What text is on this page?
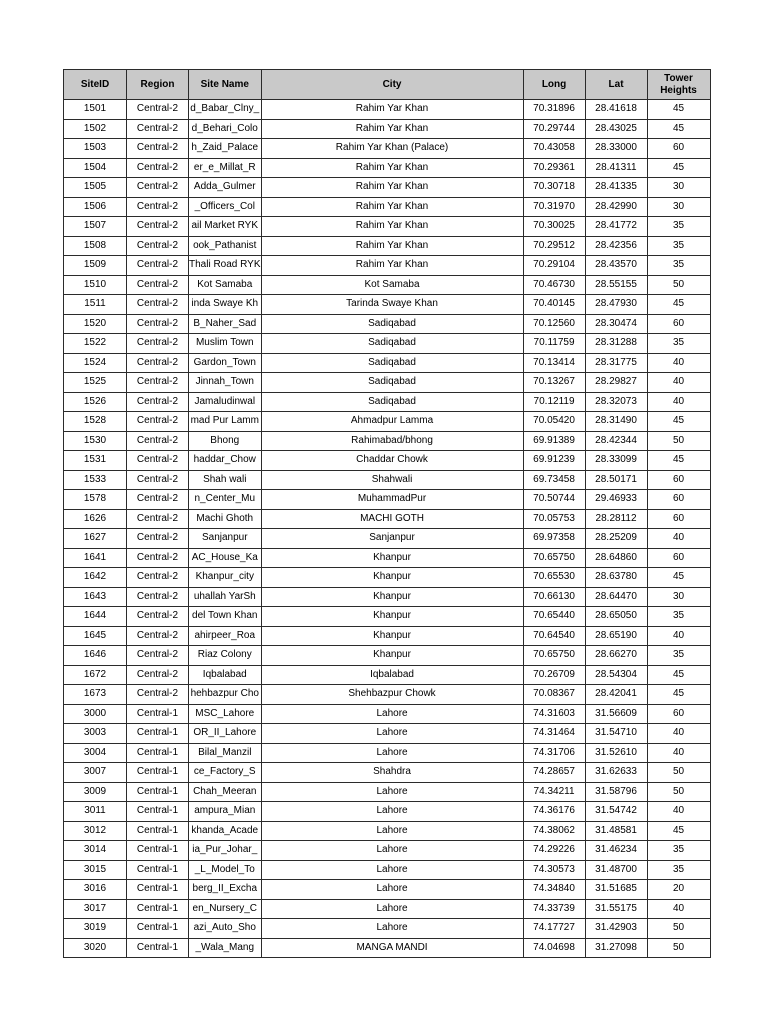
SiteID	Region	Site Name	City	Long	Lat	Tower Heights
1501	Central-2	d_Babar_Clny_	Rahim Yar Khan	70.31896	28.41618	45
1502	Central-2	d_Behari_Colo	Rahim Yar Khan	70.29744	28.43025	45
1503	Central-2	h_Zaid_Palace	Rahim Yar Khan (Palace)	70.43058	28.33000	60
1504	Central-2	er_e_Millat_R	Rahim Yar Khan	70.29361	28.41311	45
1505	Central-2	Adda_Gulmer	Rahim Yar Khan	70.30718	28.41335	30
1506	Central-2	_Officers_Col	Rahim Yar Khan	70.31970	28.42990	30
1507	Central-2	ail Market RYK	Rahim Yar Khan	70.30025	28.41772	35
1508	Central-2	ook_Pathanist	Rahim Yar Khan	70.29512	28.42356	35
1509	Central-2	Thali Road RYK	Rahim Yar Khan	70.29104	28.43570	35
1510	Central-2	Kot Samaba	Kot Samaba	70.46730	28.55155	50
1511	Central-2	inda Swaye Kh	Tarinda Swaye Khan	70.40145	28.47930	45
1520	Central-2	B_Naher_Sad	Sadiqabad	70.12560	28.30474	60
1522	Central-2	Muslim Town	Sadiqabad	70.11759	28.31288	35
1524	Central-2	Gardon_Town	Sadiqabad	70.13414	28.31775	40
1525	Central-2	Jinnah_Town	Sadiqabad	70.13267	28.29827	40
1526	Central-2	Jamaludinwal	Sadiqabad	70.12119	28.32073	40
1528	Central-2	mad Pur Lamm	Ahmadpur Lamma	70.05420	28.31490	45
1530	Central-2	Bhong	Rahimabad/bhong	69.91389	28.42344	50
1531	Central-2	haddar_Chow	Chaddar Chowk	69.91239	28.33099	45
1533	Central-2	Shah wali	Shahwali	69.73458	28.50171	60
1578	Central-2	n_Center_Mu	MuhammadPur	70.50744	29.46933	60
1626	Central-2	Machi Ghoth	MACHI GOTH	70.05753	28.28112	60
1627	Central-2	Sanjanpur	Sanjanpur	69.97358	28.25209	40
1641	Central-2	AC_House_Ka	Khanpur	70.65750	28.64860	60
1642	Central-2	Khanpur_city	Khanpur	70.65530	28.63780	45
1643	Central-2	uhallah YarSh	Khanpur	70.66130	28.64470	30
1644	Central-2	del Town Khan	Khanpur	70.65440	28.65050	35
1645	Central-2	ahirpeer_Roa	Khanpur	70.64540	28.65190	40
1646	Central-2	Riaz Colony	Khanpur	70.65750	28.66270	35
1672	Central-2	Iqbalabad	Iqbalabad	70.26709	28.54304	45
1673	Central-2	hehbazpur Cho	Shehbazpur Chowk	70.08367	28.42041	45
3000	Central-1	MSC_Lahore	Lahore	74.31603	31.56609	60
3003	Central-1	OR_II_Lahore	Lahore	74.31464	31.54710	40
3004	Central-1	Bilal_Manzil	Lahore	74.31706	31.52610	40
3007	Central-1	ce_Factory_S	Shahdra	74.28657	31.62633	50
3009	Central-1	Chah_Meeran	Lahore	74.34211	31.58796	50
3011	Central-1	ampura_Mian	Lahore	74.36176	31.54742	40
3012	Central-1	khanda_Acade	Lahore	74.38062	31.48581	45
3014	Central-1	ia_Pur_Johar_	Lahore	74.29226	31.46234	35
3015	Central-1	_L_Model_To	Lahore	74.30573	31.48700	35
3016	Central-1	berg_II_Excha	Lahore	74.34840	31.51685	20
3017	Central-1	en_Nursery_C	Lahore	74.33739	31.55175	40
3019	Central-1	azi_Auto_Sho	Lahore	74.17727	31.42903	50
3020	Central-1	_Wala_Mang	MANGA MANDI	74.04698	31.27098	50
